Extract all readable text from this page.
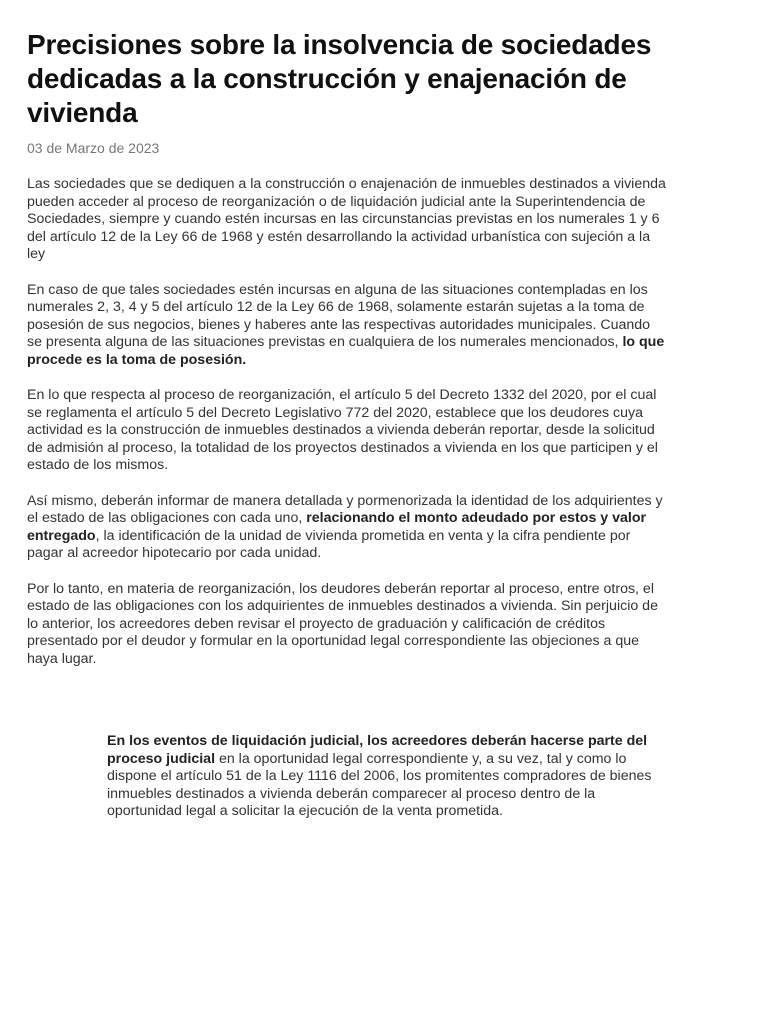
Precisiones sobre la insolvencia de sociedades dedicadas a la construcción y enajenación de vivienda
03 de Marzo de 2023

Las sociedades que se dediquen a la construcción o enajenación de inmuebles destinados a vivienda pueden acceder al proceso de reorganización o de liquidación judicial ante la Superintendencia de Sociedades, siempre y cuando estén incursas en las circunstancias previstas en los numerales 1 y 6 del artículo 12 de la Ley 66 de 1968 y estén desarrollando la actividad urbanística con sujeción a la ley

En caso de que tales sociedades estén incursas en alguna de las situaciones contempladas en los numerales 2, 3, 4 y 5 del artículo 12 de la Ley 66 de 1968, solamente estarán sujetas a la toma de posesión de sus negocios, bienes y haberes ante las respectivas autoridades municipales. Cuando se presenta alguna de las situaciones previstas en cualquiera de los numerales mencionados, lo que procede es la toma de posesión.

En lo que respecta al proceso de reorganización, el artículo 5 del Decreto 1332 del 2020, por el cual se reglamenta el artículo 5 del Decreto Legislativo 772 del 2020, establece que los deudores cuya actividad es la construcción de inmuebles destinados a vivienda deberán reportar, desde la solicitud de admisión al proceso, la totalidad de los proyectos destinados a vivienda en los que participen y el estado de los mismos.

Así mismo, deberán informar de manera detallada y pormenorizada la identidad de los adquirientes y el estado de las obligaciones con cada uno, relacionando el monto adeudado por estos y valor entregado, la identificación de la unidad de vivienda prometida en venta y la cifra pendiente por pagar al acreedor hipotecario por cada unidad.

Por lo tanto, en materia de reorganización, los deudores deberán reportar al proceso, entre otros, el estado de las obligaciones con los adquirientes de inmuebles destinados a vivienda. Sin perjuicio de lo anterior, los acreedores deben revisar el proyecto de graduación y calificación de créditos presentado por el deudor y formular en la oportunidad legal correspondiente las objeciones a que haya lugar.

En los eventos de liquidación judicial, los acreedores deberán hacerse parte del proceso judicial en la oportunidad legal correspondiente y, a su vez, tal y como lo dispone el artículo 51 de la Ley 1116 del 2006, los promitentes compradores de bienes inmuebles destinados a vivienda deberán comparecer al proceso dentro de la oportunidad legal a solicitar la ejecución de la venta prometida.
